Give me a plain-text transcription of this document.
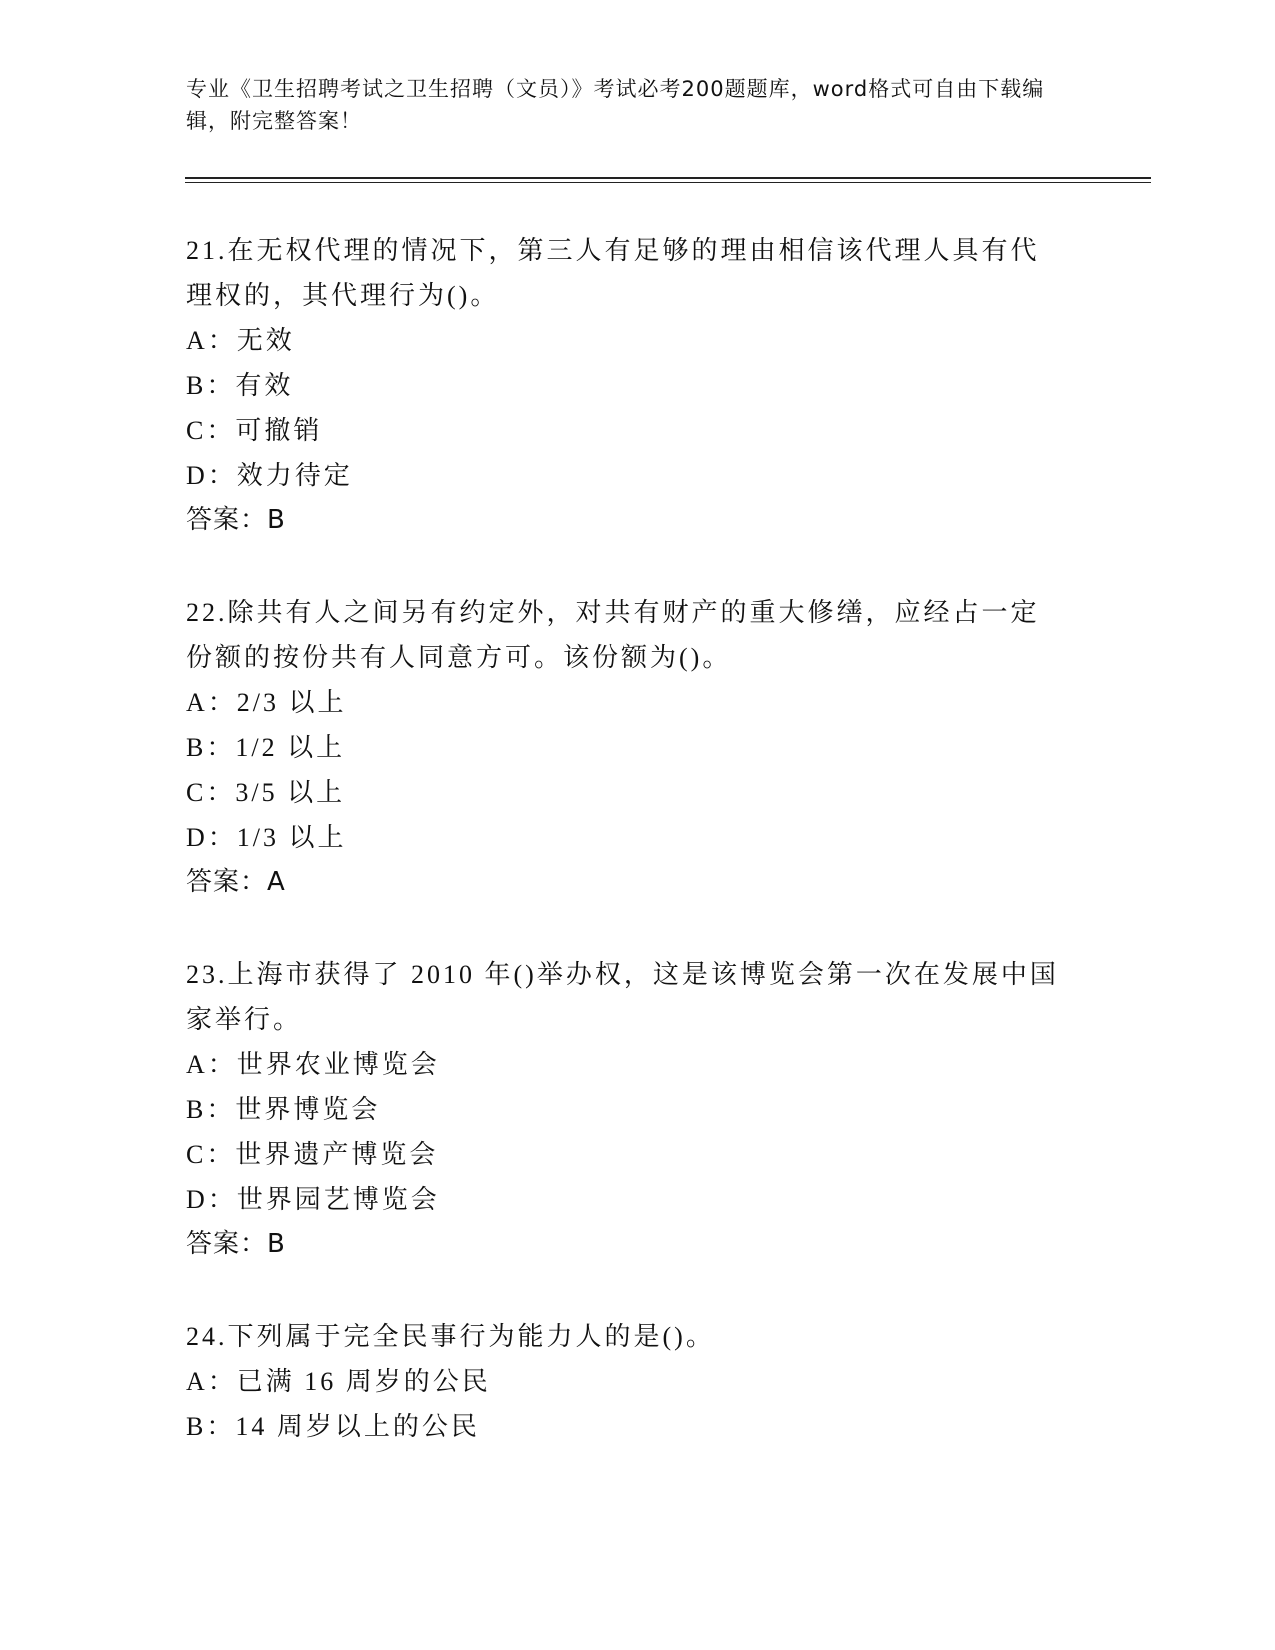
专业《卫生招聘考试之卫生招聘（文员）》考试必考200题题库，word格式可自由下载编辑，附完整答案！

21.在无权代理的情况下，第三人有足够的理由相信该代理人具有代理权的，其代理行为()。

A：无效

B：有效

C：可撤销

D：效力待定

答案：B

22.除共有人之间另有约定外，对共有财产的重大修缮，应经占一定份额的按份共有人同意方可。该份额为()。

A：2/3 以上

B：1/2 以上

C：3/5 以上

D：1/3 以上

答案：A

23.上海市获得了 2010 年()举办权，这是该博览会第一次在发展中国家举行。

A：世界农业博览会

B：世界博览会

C：世界遗产博览会

D：世界园艺博览会

答案：B

24.下列属于完全民事行为能力人的是()。

A：已满 16 周岁的公民

B：14 周岁以上的公民
